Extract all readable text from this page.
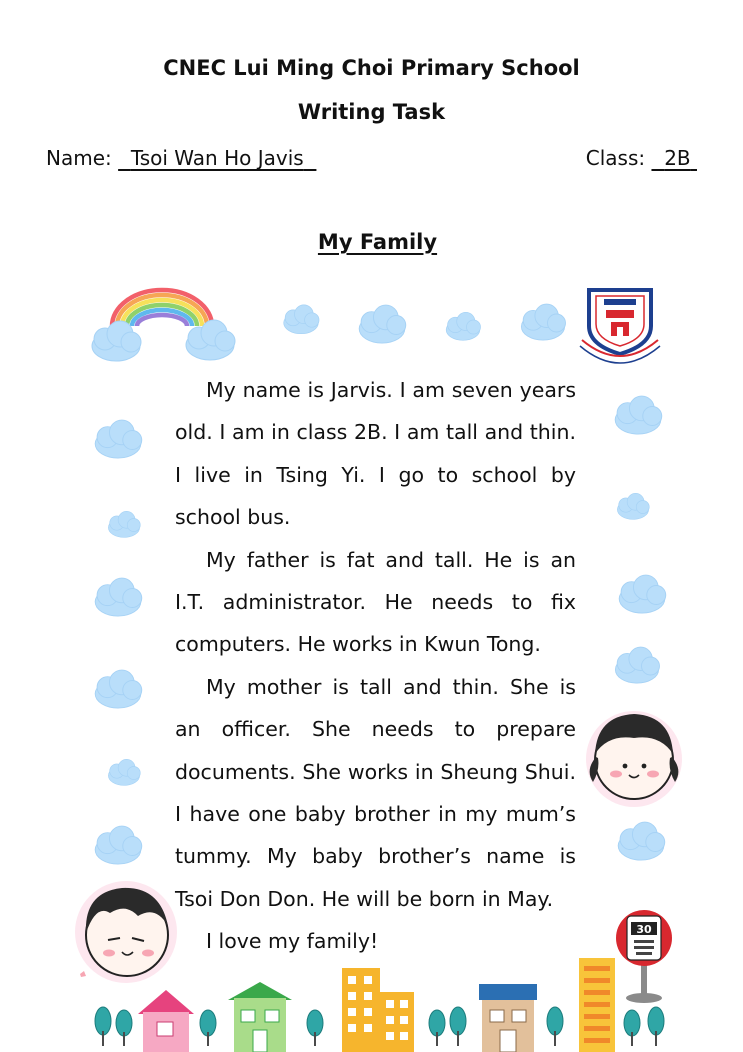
CNEC Lui Ming Choi Primary School
Writing Task
Name: Tsoi Wan Ho Javis	Class: 2B
My Family
30

My name is Jarvis. I am seven years old. I am in class 2B. I am tall and thin. I live in Tsing Yi. I go to school by school bus.

My father is fat and tall. He is an I.T. administrator. He needs to fix computers. He works in Kwun Tong.

My mother is tall and thin. She is an officer. She needs to prepare documents. She works in Sheung Shui. I have one baby brother in my mum’s tummy. My baby brother’s name is Tsoi Don Don. He will be born in May.

I love my family!
